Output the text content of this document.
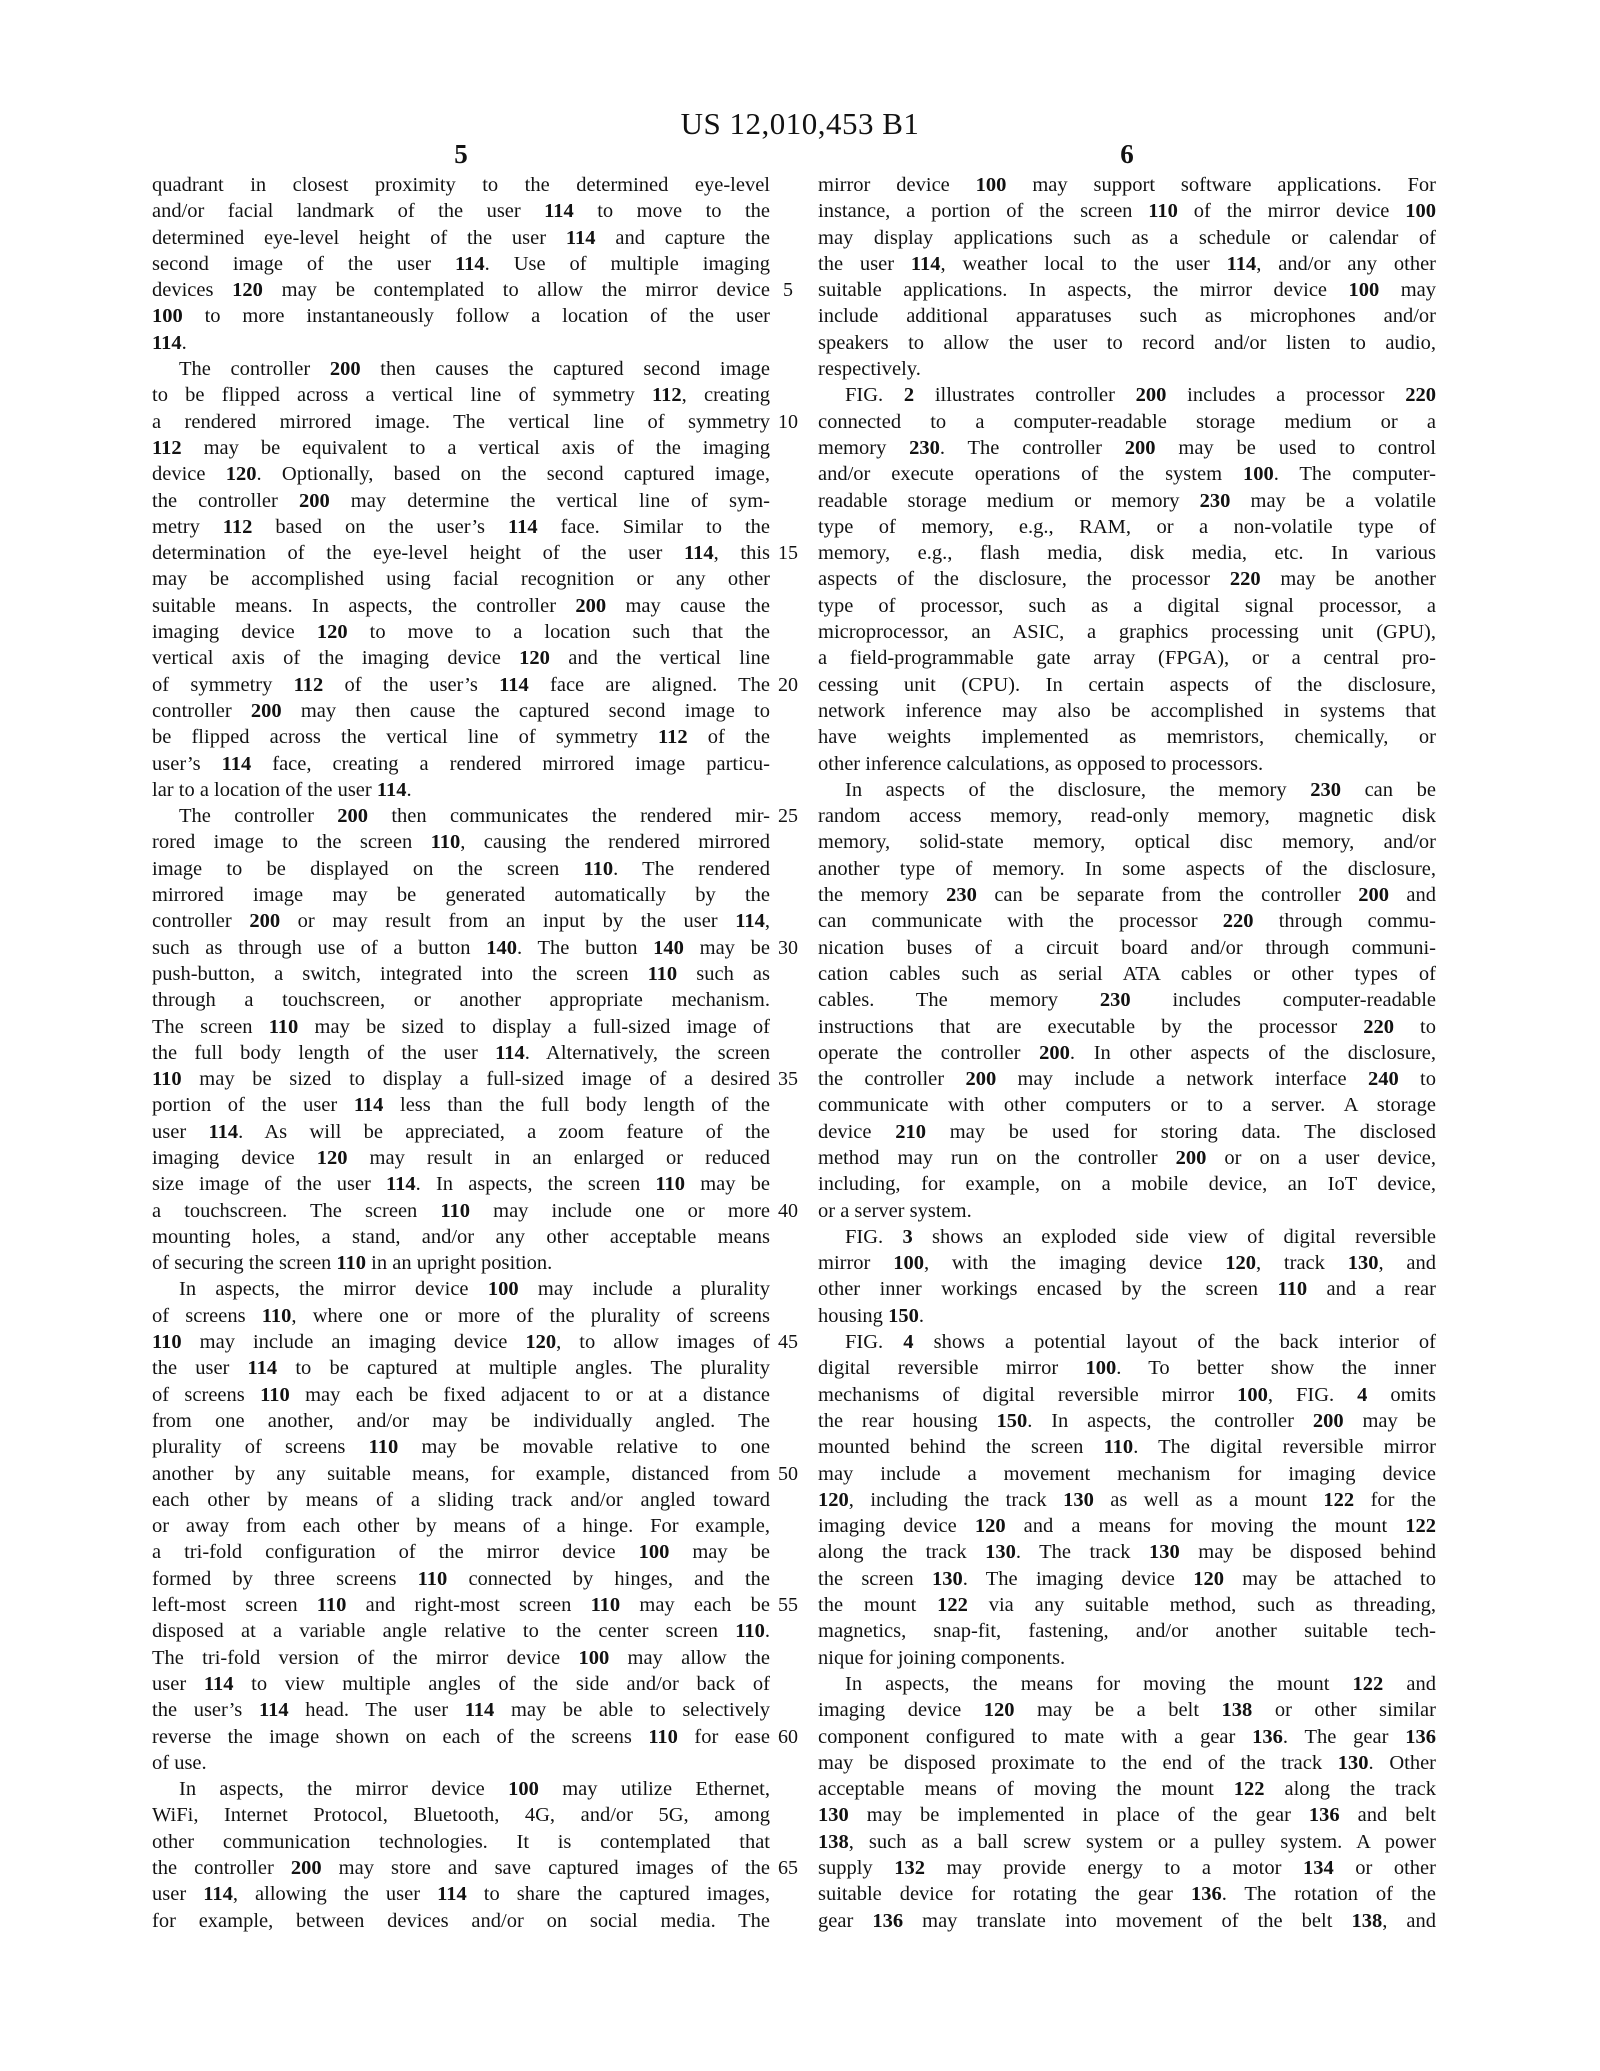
US 12,010,453 B1
5	6
quadrant in closest proximity to the determined eye-level
and/or facial landmark of the user 114 to move to the
determined eye-level height of the user 114 and capture the
second image of the user 114. Use of multiple imaging
devices 120 may be contemplated to allow the mirror device
100 to more instantaneously follow a location of the user
114.
The controller 200 then causes the captured second image
to be flipped across a vertical line of symmetry 112, creating
a rendered mirrored image. The vertical line of symmetry
112 may be equivalent to a vertical axis of the imaging
device 120. Optionally, based on the second captured image,
the controller 200 may determine the vertical line of sym-
metry 112 based on the user’s 114 face. Similar to the
determination of the eye-level height of the user 114, this
may be accomplished using facial recognition or any other
suitable means. In aspects, the controller 200 may cause the
imaging device 120 to move to a location such that the
vertical axis of the imaging device 120 and the vertical line
of symmetry 112 of the user’s 114 face are aligned. The
controller 200 may then cause the captured second image to
be flipped across the vertical line of symmetry 112 of the
user’s 114 face, creating a rendered mirrored image particu-
lar to a location of the user 114.
The controller 200 then communicates the rendered mir-
rored image to the screen 110, causing the rendered mirrored
image to be displayed on the screen 110. The rendered
mirrored image may be generated automatically by the
controller 200 or may result from an input by the user 114,
such as through use of a button 140. The button 140 may be
push-button, a switch, integrated into the screen 110 such as
through a touchscreen, or another appropriate mechanism.
The screen 110 may be sized to display a full-sized image of
the full body length of the user 114. Alternatively, the screen
110 may be sized to display a full-sized image of a desired
portion of the user 114 less than the full body length of the
user 114. As will be appreciated, a zoom feature of the
imaging device 120 may result in an enlarged or reduced
size image of the user 114. In aspects, the screen 110 may be
a touchscreen. The screen 110 may include one or more
mounting holes, a stand, and/or any other acceptable means
of securing the screen 110 in an upright position.
In aspects, the mirror device 100 may include a plurality
of screens 110, where one or more of the plurality of screens
110 may include an imaging device 120, to allow images of
the user 114 to be captured at multiple angles. The plurality
of screens 110 may each be fixed adjacent to or at a distance
from one another, and/or may be individually angled. The
plurality of screens 110 may be movable relative to one
another by any suitable means, for example, distanced from
each other by means of a sliding track and/or angled toward
or away from each other by means of a hinge. For example,
a tri-fold configuration of the mirror device 100 may be
formed by three screens 110 connected by hinges, and the
left-most screen 110 and right-most screen 110 may each be
disposed at a variable angle relative to the center screen 110.
The tri-fold version of the mirror device 100 may allow the
user 114 to view multiple angles of the side and/or back of
the user’s 114 head. The user 114 may be able to selectively
reverse the image shown on each of the screens 110 for ease
of use.
In aspects, the mirror device 100 may utilize Ethernet,
WiFi, Internet Protocol, Bluetooth, 4G, and/or 5G, among
other communication technologies. It is contemplated that
the controller 200 may store and save captured images of the
user 114, allowing the user 114 to share the captured images,
for example, between devices and/or on social media. The
5
10
15
20
25
30
35
40
45
50
55
60
65
mirror device 100 may support software applications. For
instance, a portion of the screen 110 of the mirror device 100
may display applications such as a schedule or calendar of
the user 114, weather local to the user 114, and/or any other
suitable applications. In aspects, the mirror device 100 may
include additional apparatuses such as microphones and/or
speakers to allow the user to record and/or listen to audio,
respectively.
FIG. 2 illustrates controller 200 includes a processor 220
connected to a computer-readable storage medium or a
memory 230. The controller 200 may be used to control
and/or execute operations of the system 100. The computer-
readable storage medium or memory 230 may be a volatile
type of memory, e.g., RAM, or a non-volatile type of
memory, e.g., flash media, disk media, etc. In various
aspects of the disclosure, the processor 220 may be another
type of processor, such as a digital signal processor, a
microprocessor, an ASIC, a graphics processing unit (GPU),
a field-programmable gate array (FPGA), or a central pro-
cessing unit (CPU). In certain aspects of the disclosure,
network inference may also be accomplished in systems that
have weights implemented as memristors, chemically, or
other inference calculations, as opposed to processors.
In aspects of the disclosure, the memory 230 can be
random access memory, read-only memory, magnetic disk
memory, solid-state memory, optical disc memory, and/or
another type of memory. In some aspects of the disclosure,
the memory 230 can be separate from the controller 200 and
can communicate with the processor 220 through commu-
nication buses of a circuit board and/or through communi-
cation cables such as serial ATA cables or other types of
cables. The memory 230 includes computer-readable
instructions that are executable by the processor 220 to
operate the controller 200. In other aspects of the disclosure,
the controller 200 may include a network interface 240 to
communicate with other computers or to a server. A storage
device 210 may be used for storing data. The disclosed
method may run on the controller 200 or on a user device,
including, for example, on a mobile device, an IoT device,
or a server system.
FIG. 3 shows an exploded side view of digital reversible
mirror 100, with the imaging device 120, track 130, and
other inner workings encased by the screen 110 and a rear
housing 150.
FIG. 4 shows a potential layout of the back interior of
digital reversible mirror 100. To better show the inner
mechanisms of digital reversible mirror 100, FIG. 4 omits
the rear housing 150. In aspects, the controller 200 may be
mounted behind the screen 110. The digital reversible mirror
may include a movement mechanism for imaging device
120, including the track 130 as well as a mount 122 for the
imaging device 120 and a means for moving the mount 122
along the track 130. The track 130 may be disposed behind
the screen 130. The imaging device 120 may be attached to
the mount 122 via any suitable method, such as threading,
magnetics, snap-fit, fastening, and/or another suitable tech-
nique for joining components.
In aspects, the means for moving the mount 122 and
imaging device 120 may be a belt 138 or other similar
component configured to mate with a gear 136. The gear 136
may be disposed proximate to the end of the track 130. Other
acceptable means of moving the mount 122 along the track
130 may be implemented in place of the gear 136 and belt
138, such as a ball screw system or a pulley system. A power
supply 132 may provide energy to a motor 134 or other
suitable device for rotating the gear 136. The rotation of the
gear 136 may translate into movement of the belt 138, and
